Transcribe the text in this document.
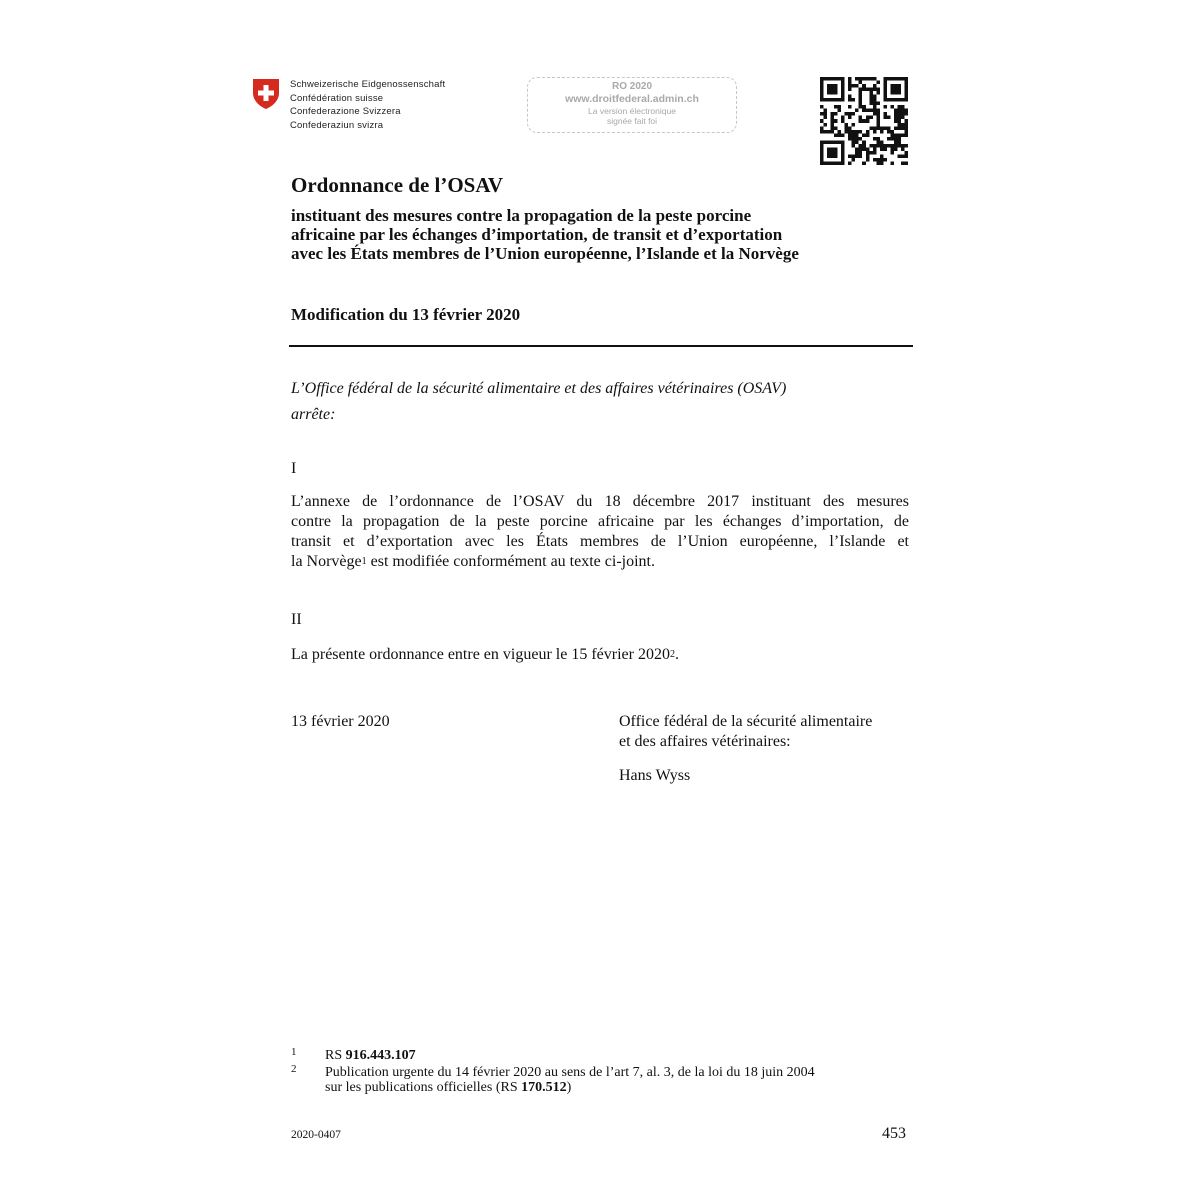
Schweizerische Eidgenossenschaft
Confédération suisse
Confederazione Svizzera
Confederaziun svizra
RO 2020
www.droitfederal.admin.ch
La version électronique
signée fait foi
Ordonnance de l’OSAV
instituant des mesures contre la propagation de la peste porcine
africaine par les échanges d’importation, de transit et d’exportation
avec les États membres de l’Union européenne, l’Islande et la Norvège
Modification du 13 février 2020
L’Office fédéral de la sécurité alimentaire et des affaires vétérinaires (OSAV)
arrête:
I
L’annexe de l’ordonnance de l’OSAV du 18 décembre 2017 instituant des mesures
contre la propagation de la peste porcine africaine par les échanges d’importation, de
transit et d’exportation avec les États membres de l’Union européenne, l’Islande et
la Norvège$^1$ est modifiée conformément au texte ci-joint.
II
La présente ordonnance entre en vigueur le 15 février 2020$^2$.
13 février 2020	Office fédéral de la sécurité alimentaire
et des affaires vétérinaires:
Hans Wyss
1 RS 916.443.107
2 Publication urgente du 14 février 2020 au sens de l’art 7, al. 3, de la loi du 18 juin 2004
sur les publications officielles (RS 170.512)
2020-0407	453
